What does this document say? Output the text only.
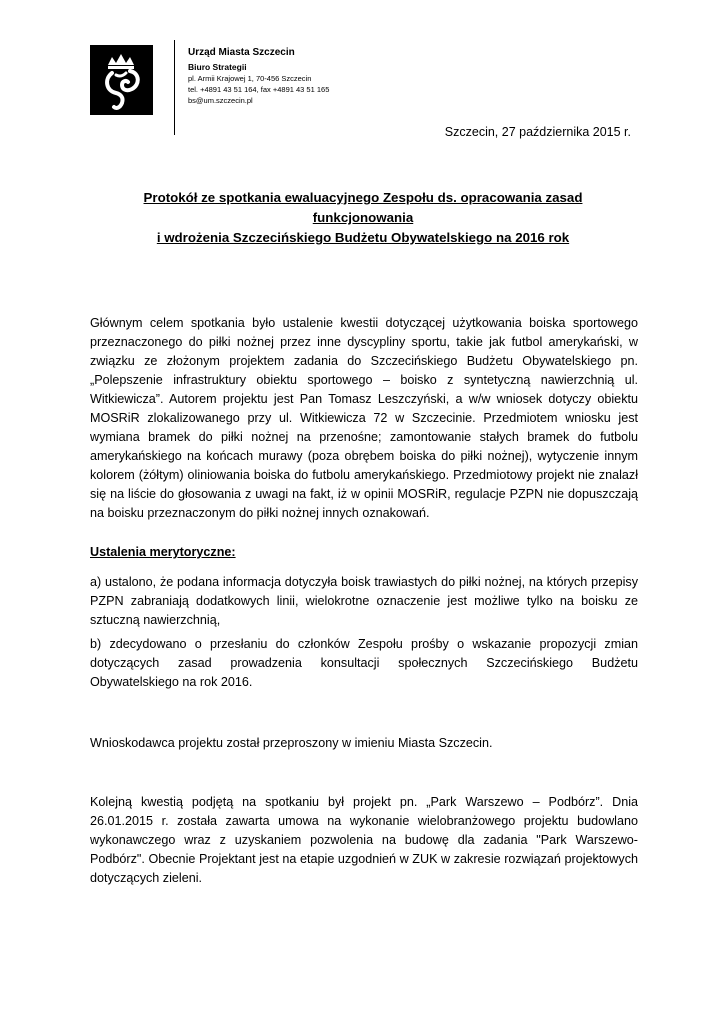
Urząd Miasta Szczecin
Biuro Strategii
pl. Armii Krajowej 1, 70-456 Szczecin
tel. +4891 43 51 164, fax +4891 43 51 165
bs@um.szczecin.pl
Szczecin, 27 października 2015 r.
Protokół ze spotkania ewaluacyjnego Zespołu ds. opracowania zasad
funkcjonowania
i wdrożenia Szczecińskiego Budżetu Obywatelskiego na 2016 rok

Głównym celem spotkania było ustalenie kwestii dotyczącej użytkowania boiska sportowego przeznaczonego do piłki nożnej przez inne dyscypliny sportu, takie jak futbol amerykański, w związku ze złożonym projektem zadania do Szczecińskiego Budżetu Obywatelskiego pn. „Polepszenie infrastruktury obiektu sportowego – boisko z syntetyczną nawierzchnią ul. Witkiewicza”. Autorem projektu jest Pan Tomasz Leszczyński, a w/w wniosek dotyczy obiektu MOSRiR zlokalizowanego przy ul. Witkiewicza 72 w Szczecinie. Przedmiotem wniosku jest wymiana bramek do piłki nożnej na przenośne; zamontowanie stałych bramek do futbolu amerykańskiego na końcach murawy (poza obrębem boiska do piłki nożnej), wytyczenie innym kolorem (żółtym) oliniowania boiska do futbolu amerykańskiego. Przedmiotowy projekt nie znalazł się na liście do głosowania z uwagi na fakt, iż w opinii MOSRiR, regulacje PZPN nie dopuszczają na boisku przeznaczonym do piłki nożnej innych oznakowań.

Ustalenia merytoryczne:

a) ustalono, że podana informacja dotyczyła boisk trawiastych do piłki nożnej, na których przepisy PZPN zabraniają dodatkowych linii, wielokrotne oznaczenie jest możliwe tylko na boisku ze sztuczną nawierzchnią,

b) zdecydowano o przesłaniu do członków Zespołu prośby o wskazanie propozycji zmian dotyczących zasad prowadzenia konsultacji społecznych Szczecińskiego Budżetu Obywatelskiego na rok 2016.

Wnioskodawca projektu został przeproszony w imieniu Miasta Szczecin.

Kolejną kwestią podjętą na spotkaniu był projekt pn. „Park Warszewo – Podbórz”. Dnia 26.01.2015 r. została zawarta umowa na wykonanie wielobranżowego projektu budowlano wykonawczego wraz z uzyskaniem pozwolenia na budowę dla zadania "Park Warszewo- Podbórz". Obecnie Projektant jest na etapie uzgodnień w ZUK w zakresie rozwiązań projektowych dotyczących zieleni.
